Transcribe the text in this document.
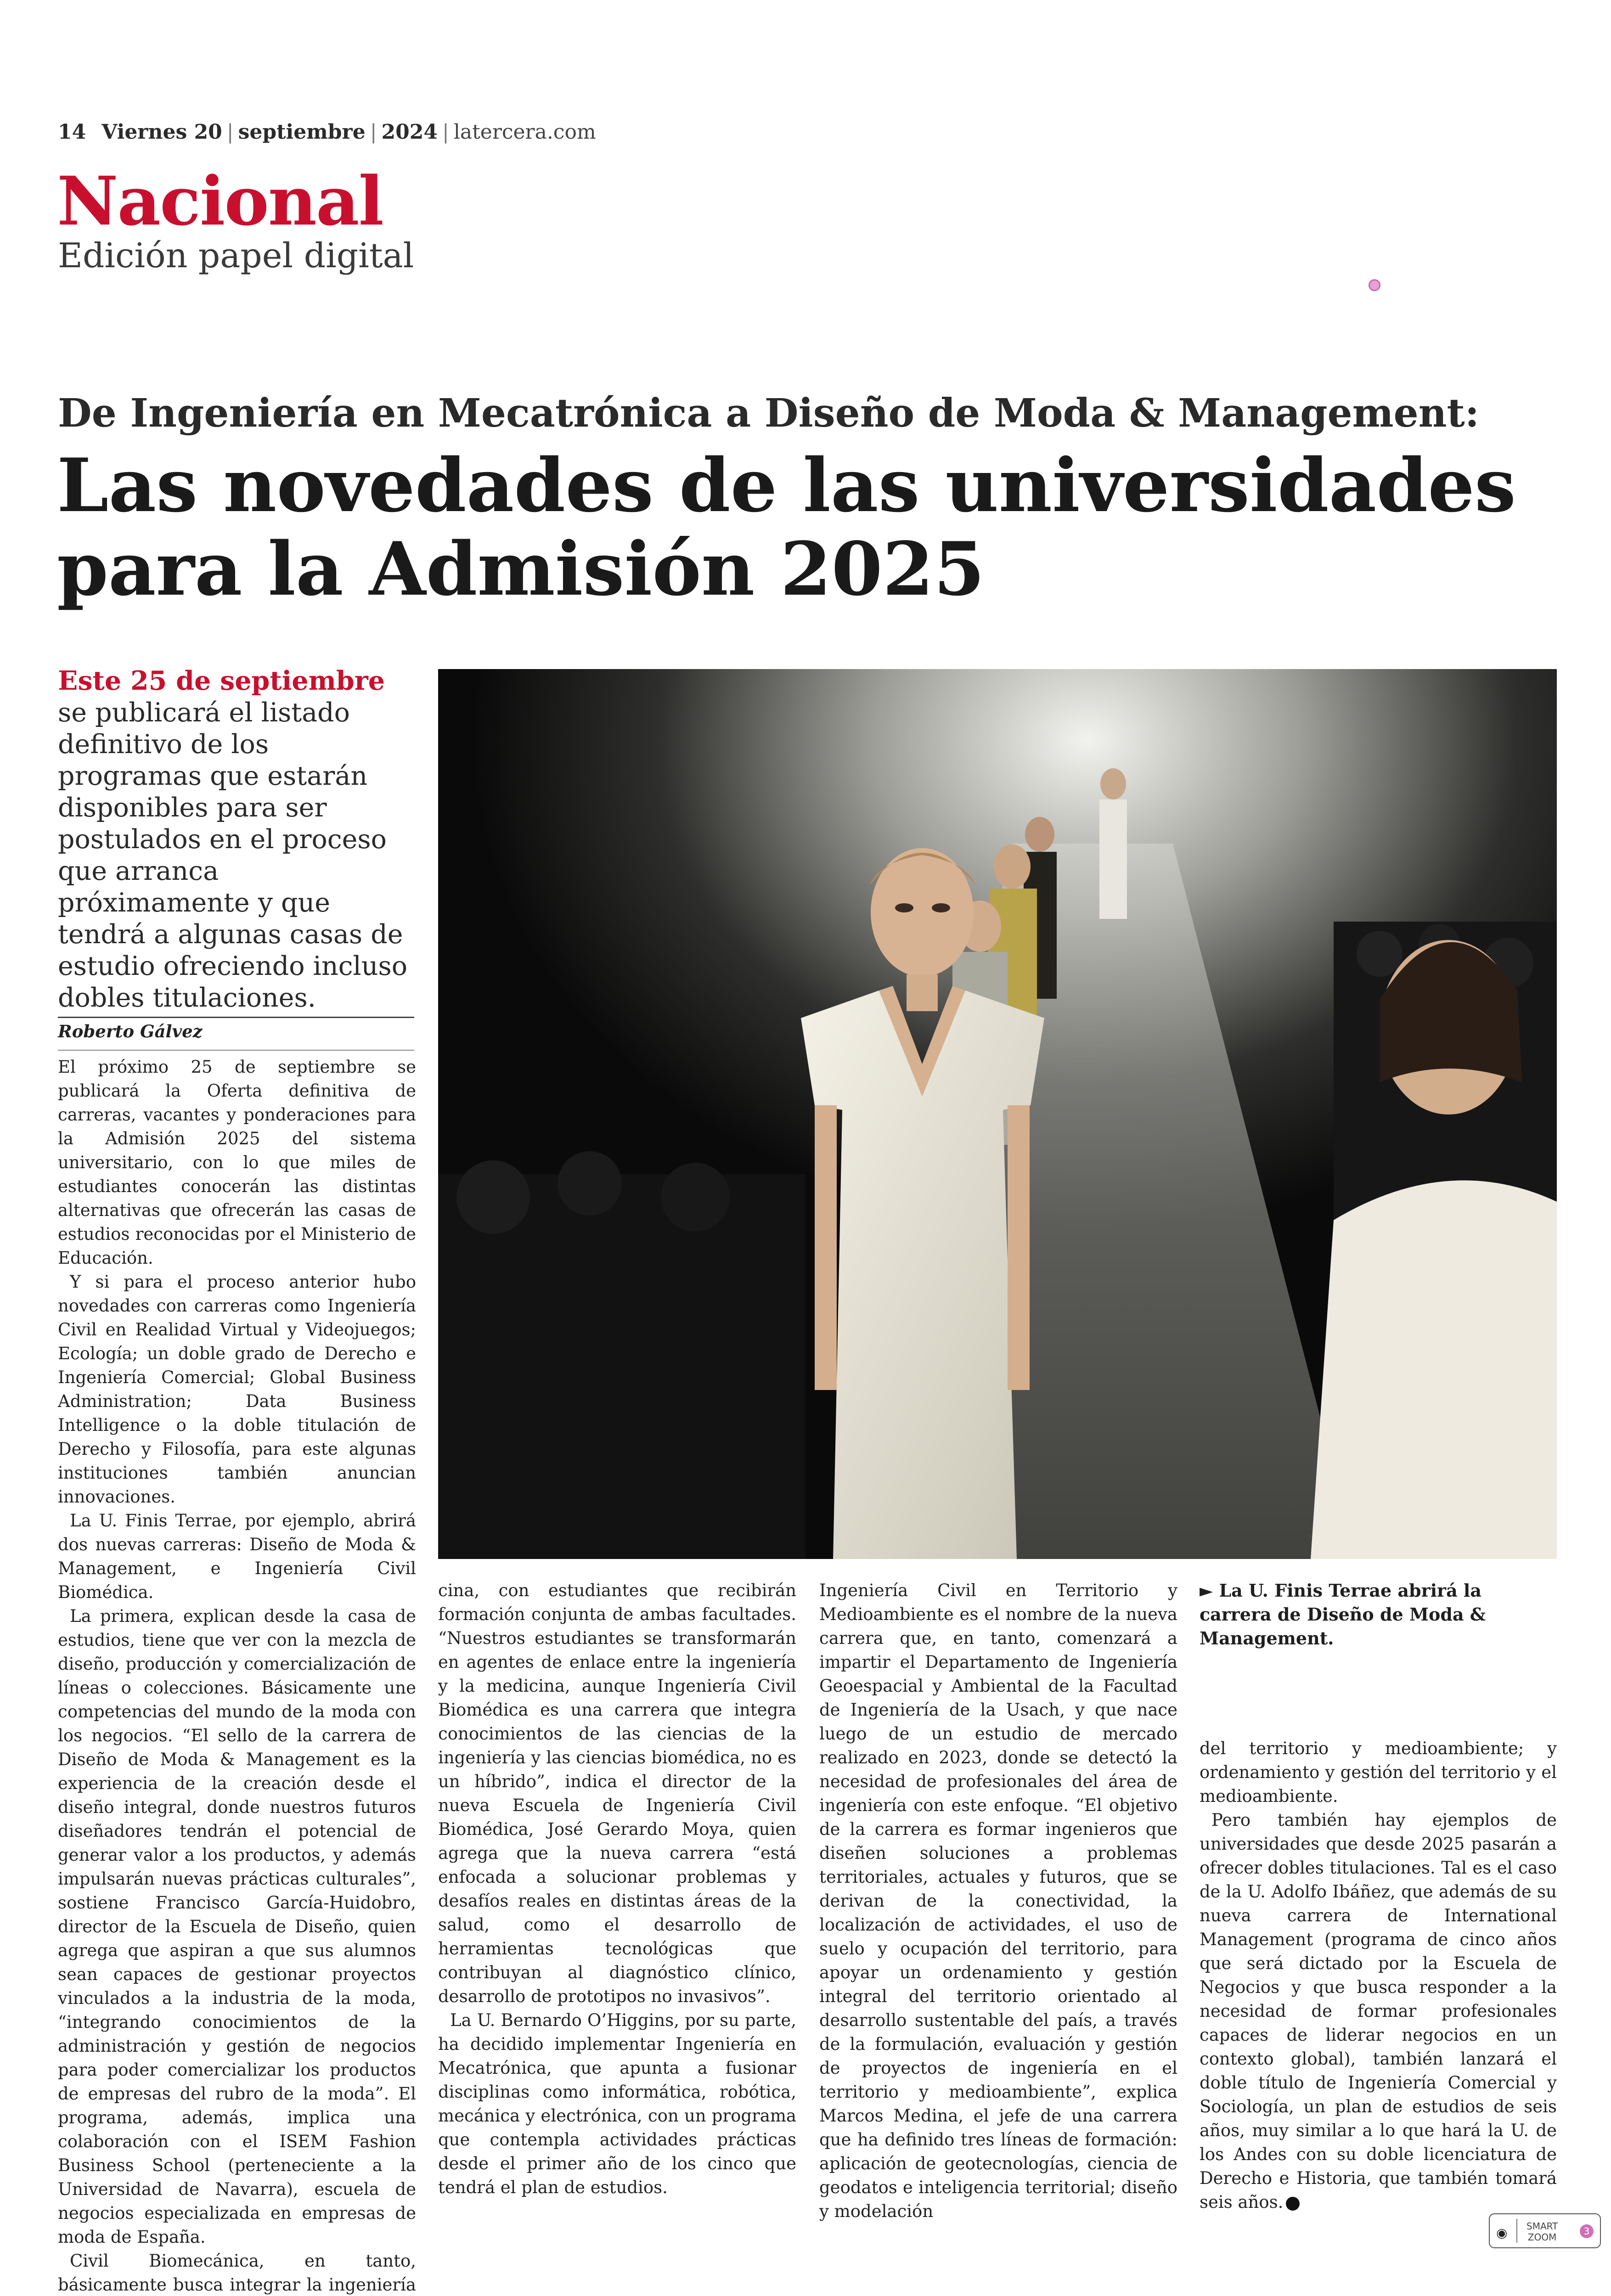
14 Viernes 20 | septiembre | 2024 | latercera.com
Nacional
Edición papel digital
De Ingeniería en Mecatrónica a Diseño de Moda & Management:
Las novedades de las universidades para la Admisión 2025

Este 25 de septiembre se publicará el listado definitivo de los programas que estarán disponibles para ser postulados en el proceso que arranca próximamente y que tendrá a algunas casas de estudio ofreciendo incluso dobles titulaciones.

Roberto Gálvez

El próximo 25 de septiembre se publicará la Oferta definitiva de carreras, vacantes y ponderaciones para la Admisión 2025 del sistema universitario, con lo que miles de estudiantes conocerán las distintas alternativas que ofrecerán las casas de estudios reconocidas por el Ministerio de Educación.

Y si para el proceso anterior hubo novedades con carreras como Ingeniería Civil en Realidad Virtual y Videojuegos; Ecología; un doble grado de Derecho e Ingeniería Comercial; Global Business Administration; Data Business Intelligence o la doble titulación de Derecho y Filosofía, para este algunas instituciones también anuncian innovaciones.

La U. Finis Terrae, por ejemplo, abrirá dos nuevas carreras: Diseño de Moda & Management, e Ingeniería Civil Biomédica.

La primera, explican desde la casa de estudios, tiene que ver con la mezcla de diseño, producción y comercialización de líneas o colecciones. Básicamente une competencias del mundo de la moda con los negocios. “El sello de la carrera de Diseño de Moda & Management es la experiencia de la creación desde el diseño integral, donde nuestros futuros diseñadores tendrán el potencial de generar valor a los productos, y además impulsarán nuevas prácticas culturales”, sostiene Francisco García-Huidobro, director de la Escuela de Diseño, quien agrega que aspiran a que sus alumnos sean capaces de gestionar proyectos vinculados a la industria de la moda, “integrando conocimientos de la administración y gestión de negocios para poder comercializar los productos de empresas del rubro de la moda”. El programa, además, implica una colaboración con el ISEM Fashion Business School (perteneciente a la Universidad de Navarra), escuela de negocios especializada en empresas de moda de España.

Civil Biomecánica, en tanto, básicamente busca integrar la ingeniería

cina, con estudiantes que recibirán formación conjunta de ambas facultades. “Nuestros estudiantes se transformarán en agentes de enlace entre la ingeniería y la medicina, aunque Ingeniería Civil Biomédica es una carrera que integra conocimientos de las ciencias de la ingeniería y las ciencias biomédica, no es un híbrido”, indica el director de la nueva Escuela de Ingeniería Civil Biomédica, José Gerardo Moya, quien agrega que la nueva carrera “está enfocada a solucionar problemas y desafíos reales en distintas áreas de la salud, como el desarrollo de herramientas tecnológicas que contribuyan al diagnóstico clínico, desarrollo de prototipos no invasivos”.

La U. Bernardo O’Higgins, por su parte, ha decidido implementar Ingeniería en Mecatrónica, que apunta a fusionar disciplinas como informática, robótica, mecánica y electrónica, con un programa que contempla actividades prácticas desde el primer año de los cinco que tendrá el plan de estudios.

Ingeniería Civil en Territorio y Medioambiente es el nombre de la nueva carrera que, en tanto, comenzará a impartir el Departamento de Ingeniería Geoespacial y Ambiental de la Facultad de Ingeniería de la Usach, y que nace luego de un estudio de mercado realizado en 2023, donde se detectó la necesidad de profesionales del área de ingeniería con este enfoque. “El objetivo de la carrera es formar ingenieros que diseñen soluciones a problemas territoriales, actuales y futuros, que se derivan de la conectividad, la localización de actividades, el uso de suelo y ocupación del territorio, para apoyar un ordenamiento y gestión integral del territorio orientado al desarrollo sustentable del país, a través de la formulación, evaluación y gestión de proyectos de ingeniería en el territorio y medioambiente”, explica Marcos Medina, el jefe de una carrera que ha definido tres líneas de formación: aplicación de geotecnologías, ciencia de geodatos e inteligencia territorial; diseño y modelación

► La U. Finis Terrae abrirá la carrera de Diseño de Moda & Management.

del territorio y medioambiente; y ordenamiento y gestión del territorio y el medioambiente.

Pero también hay ejemplos de universidades que desde 2025 pasarán a ofrecer dobles titulaciones. Tal es el caso de la U. Adolfo Ibáñez, que además de su nueva carrera de International Management (programa de cinco años que será dictado por la Escuela de Negocios y que busca responder a la necesidad de formar profesionales capaces de liderar negocios en un contexto global), también lanzará el doble título de Ingeniería Comercial y Sociología, un plan de estudios de seis años, muy similar a lo que hará la U. de los Andes con su doble licenciatura de Derecho e Historia, que también tomará seis años.

◉ SMART
ZOOM
3
